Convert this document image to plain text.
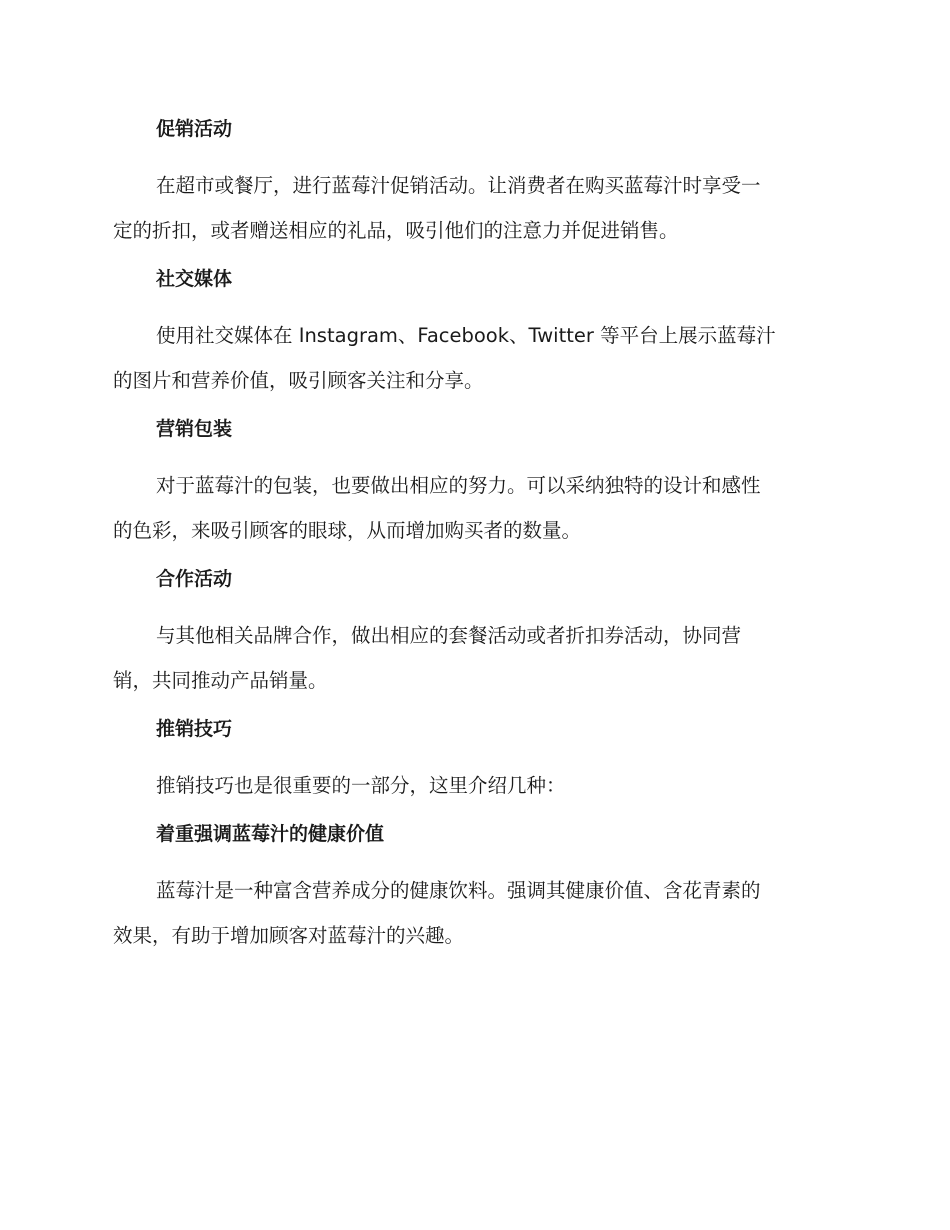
促销活动

在超市或餐厅，进行蓝莓汁促销活动。让消费者在购买蓝莓汁时享受一
定的折扣，或者赠送相应的礼品，吸引他们的注意力并促进销售。

社交媒体

使用社交媒体在 Instagram、Facebook、Twitter 等平台上展示蓝莓汁
的图片和营养价值，吸引顾客关注和分享。

营销包装

对于蓝莓汁的包装，也要做出相应的努力。可以采纳独特的设计和感性
的色彩，来吸引顾客的眼球，从而增加购买者的数量。

合作活动

与其他相关品牌合作，做出相应的套餐活动或者折扣券活动，协同营
销，共同推动产品销量。

推销技巧

推销技巧也是很重要的一部分，这里介绍几种：

着重强调蓝莓汁的健康价值

蓝莓汁是一种富含营养成分的健康饮料。强调其健康价值、含花青素的
效果，有助于增加顾客对蓝莓汁的兴趣。
